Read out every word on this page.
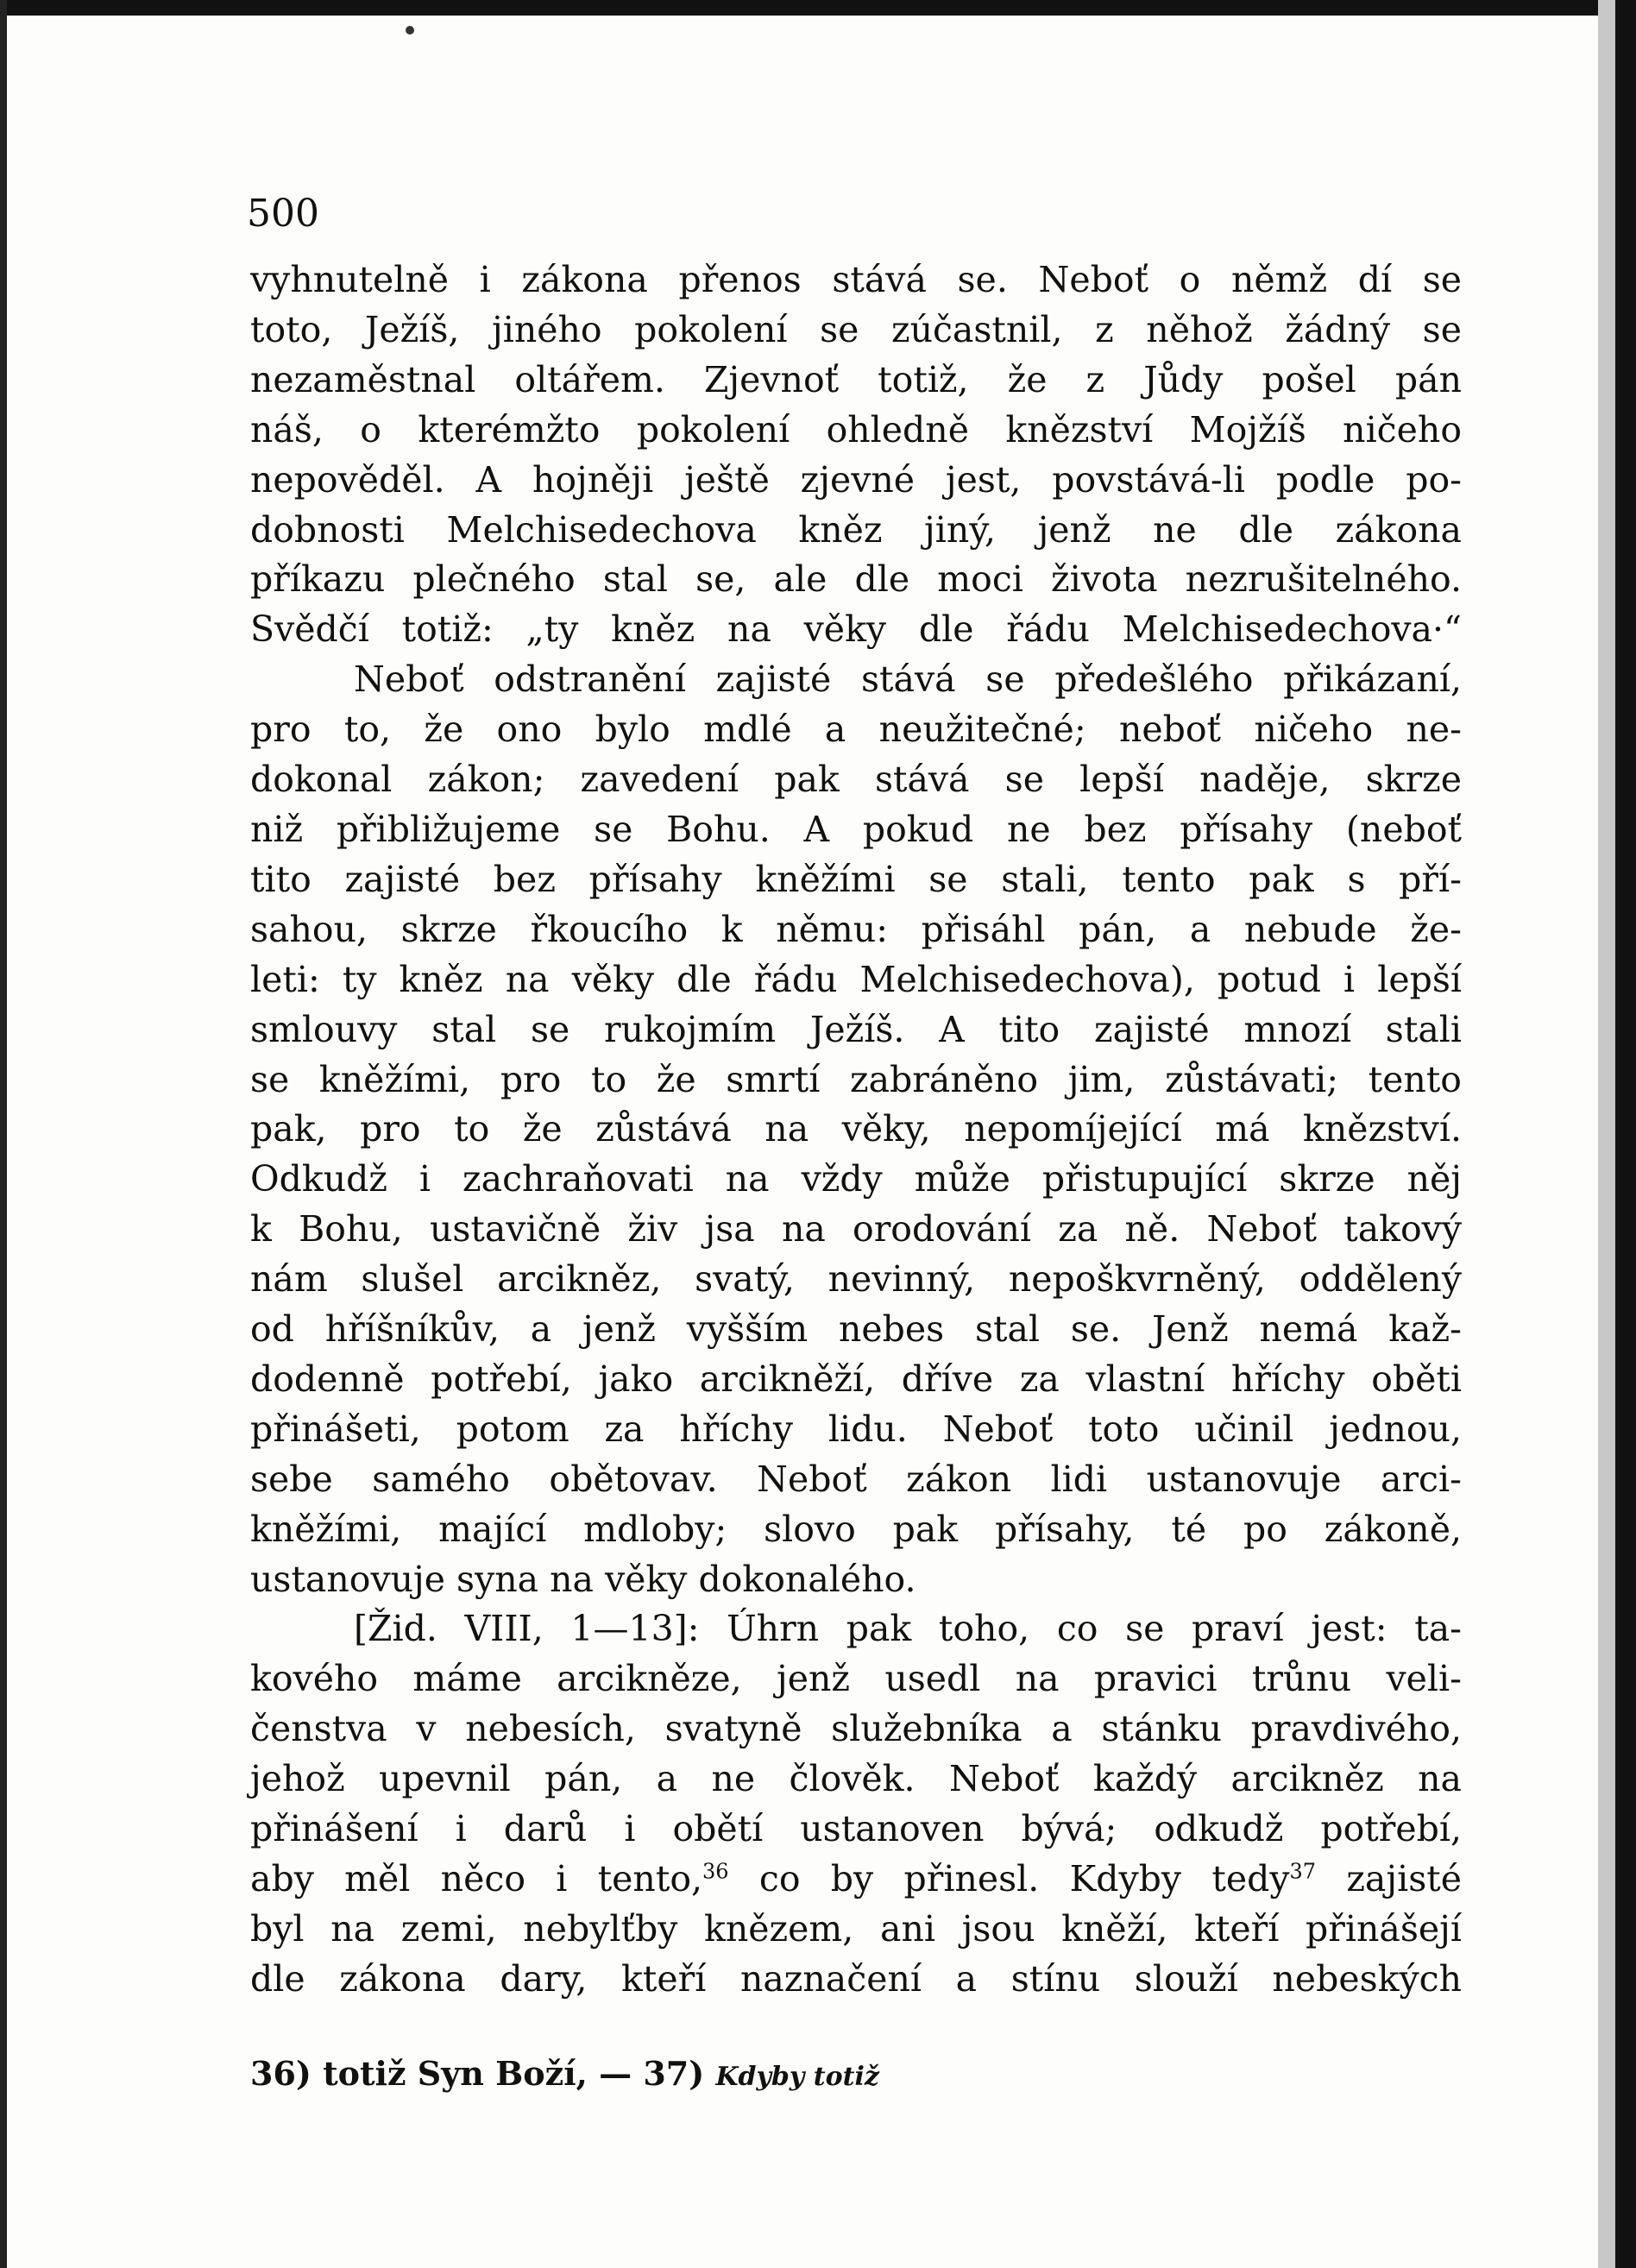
500
vyhnutelně i zákona přenos stává se. Neboť o němž dí se
toto, Ježíš, jiného pokolení se zúčastnil, z něhož žádný se
nezaměstnal oltářem. Zjevnoť totiž, že z Jůdy pošel pán
náš, o kterémžto pokolení ohledně knězství Mojžíš ničeho
nepověděl. A hojněji ještě zjevné jest, povstává-li podle po-
dobnosti Melchisedechova kněz jiný, jenž ne dle zákona
příkazu plečného stal se, ale dle moci života nezrušitelného.
Svědčí totiž: „ty kněz na věky dle řádu Melchisedechova·“
Neboť odstranění zajisté stává se předešlého přikázaní,
pro to, že ono bylo mdlé a neužitečné; neboť ničeho ne-
dokonal zákon; zavedení pak stává se lepší naděje, skrze
niž přibližujeme se Bohu. A pokud ne bez přísahy (neboť
tito zajisté bez přísahy kněžími se stali, tento pak s pří-
sahou, skrze řkoucího k němu: přisáhl pán, a nebude že-
leti: ty kněz na věky dle řádu Melchisedechova), potud i lepší
smlouvy stal se rukojmím Ježíš. A tito zajisté mnozí stali
se kněžími, pro to že smrtí zabráněno jim, zůstávati; tento
pak, pro to že zůstává na věky, nepomíjející má knězství.
Odkudž i zachraňovati na vždy může přistupující skrze něj
k Bohu, ustavičně živ jsa na orodování za ně. Neboť takový
nám slušel arcikněz, svatý, nevinný, nepoškvrněný, oddělený
od hříšníkův, a jenž vyšším nebes stal se. Jenž nemá kaž-
dodenně potřebí, jako arcikněží, dříve za vlastní hříchy oběti
přinášeti, potom za hříchy lidu. Neboť toto učinil jednou,
sebe samého obětovav. Neboť zákon lidi ustanovuje arci-
kněžími, mající mdloby; slovo pak přísahy, té po zákoně,
ustanovuje syna na věky dokonalého.
[Žid. VIII, 1—13]: Úhrn pak toho, co se praví jest: ta-
kového máme arcikněze, jenž usedl na pravici trůnu veli-
čenstva v nebesích, svatyně služebníka a stánku pravdivého,
jehož upevnil pán, a ne člověk. Neboť každý arcikněz na
přinášení i darů i obětí ustanoven bývá; odkudž potřebí,
aby měl něco i tento,$^{36}$ co by přinesl. Kdyby tedy$^{37}$ zajisté
byl na zemi, nebylťby knězem, ani jsou kněží, kteří přinášejí
dle zákona dary, kteří naznačení a stínu slouží nebeských
36) totiž Syn Boží, — 37) Kdyby totiž
